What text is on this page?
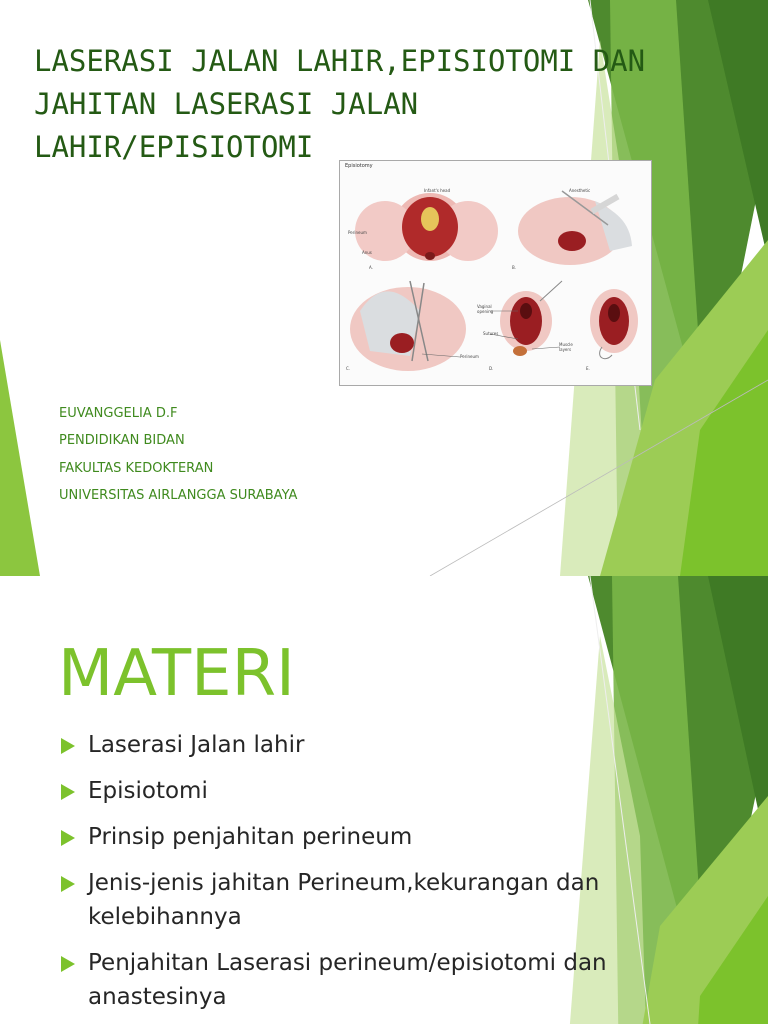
LASERASI JALAN LAHIR,EPISIOTOMI DAN JAHITAN LASERASI JALAN LAHIR/EPISIOTOMI
Episiotomy
Infant's head
Perineum
Anus
Anesthetic
Perineum
Vaginal opening
Sutures
Muscle layers
A.	B.
C.	D.	E.
EUVANGGELIA D.F
PENDIDIKAN BIDAN
FAKULTAS KEDOKTERAN
UNIVERSITAS AIRLANGGA SURABAYA
MATERI
Laserasi Jalan lahir
Episiotomi
Prinsip penjahitan perineum
Jenis-jenis jahitan Perineum,kekurangan dan kelebihannya
Penjahitan Laserasi perineum/episiotomi dan anastesinya
